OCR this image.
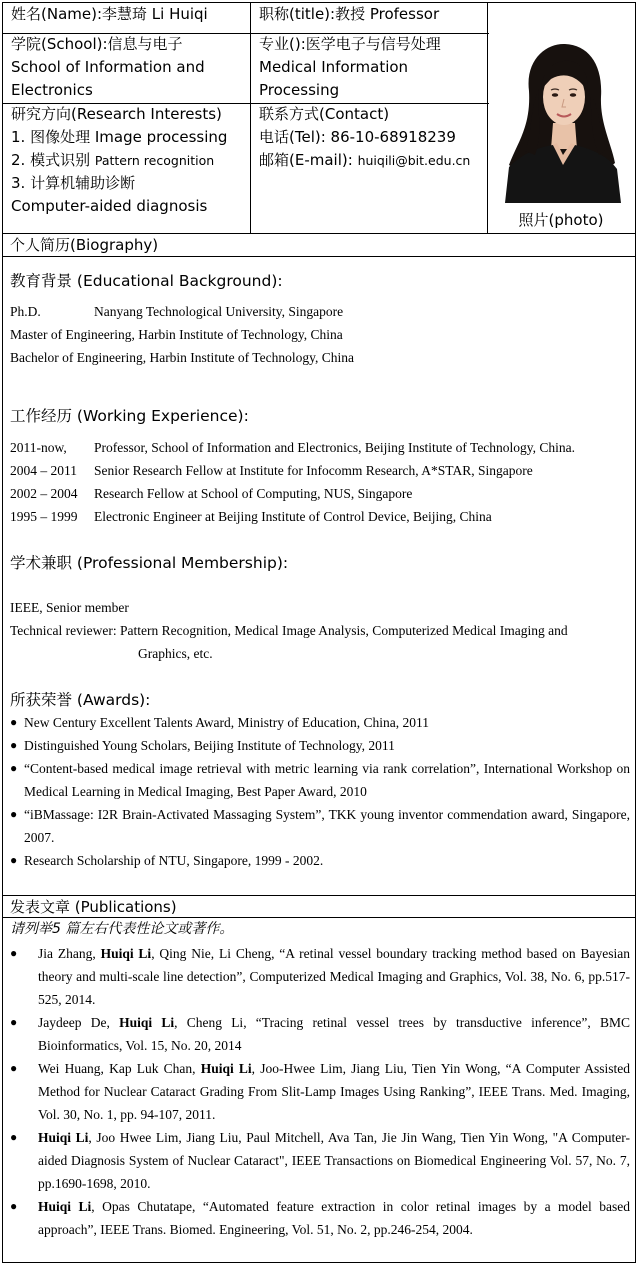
姓名(Name):李慧琦 Li Huiqi	职称(title):教授 Professor
学院(School):信息与电子
School of Information and
Electronics
专业():医学电子与信号处理
Medical Information
Processing
研究方向(Research Interests)
1. 图像处理 Image processing
2. 模式识别 Pattern recognition
3. 计算机辅助诊断
Computer-aided diagnosis
联系方式(Contact)
电话(Tel): 86-10-68918239
邮箱(E-mail): huiqili@bit.edu.cn
照片(photo)
个人简历(Biography)
教育背景 (Educational Background):
Ph.D.	Nanyang Technological University, Singapore
Master of Engineering, Harbin Institute of Technology, China
Bachelor of Engineering, Harbin Institute of Technology, China
工作经历 (Working Experience):
2011-now, Professor, School of Information and Electronics, Beijing Institute of Technology, China.
2004 – 2011 Senior Research Fellow at Institute for Infocomm Research, A*STAR, Singapore
2002 – 2004 Research Fellow at School of Computing, NUS, Singapore
1995 – 1999 Electronic Engineer at Beijing Institute of Control Device, Beijing, China
学术兼职 (Professional Membership):
IEEE, Senior member
Technical reviewer: Pattern Recognition, Medical Image Analysis, Computerized Medical Imaging and
Graphics, etc.
所获荣誉 (Awards):
● New Century Excellent Talents Award, Ministry of Education, China, 2011
● Distinguished Young Scholars, Beijing Institute of Technology, 2011
● “Content-based medical image retrieval with metric learning via rank correlation”, International Workshop on Medical Learning in Medical Imaging, Best Paper Award, 2010
● “iBMassage: I2R Brain-Activated Massaging System”, TKK young inventor commendation award, Singapore, 2007.
● Research Scholarship of NTU, Singapore, 1999 - 2002.
发表文章 (Publications)
请列举5 篇左右代表性论文或著作。
● Jia Zhang, Huiqi Li, Qing Nie, Li Cheng, “A retinal vessel boundary tracking method based on Bayesian theory and multi-scale line detection”, Computerized Medical Imaging and Graphics, Vol. 38, No. 6, pp.517-525, 2014.
● Jaydeep De, Huiqi Li, Cheng Li, “Tracing retinal vessel trees by transductive inference”, BMC Bioinformatics, Vol. 15, No. 20, 2014
● Wei Huang, Kap Luk Chan, Huiqi Li, Joo-Hwee Lim, Jiang Liu, Tien Yin Wong, “A Computer Assisted Method for Nuclear Cataract Grading From Slit-Lamp Images Using Ranking”, IEEE Trans. Med. Imaging, Vol. 30, No. 1, pp. 94-107, 2011.
● Huiqi Li, Joo Hwee Lim, Jiang Liu, Paul Mitchell, Ava Tan, Jie Jin Wang, Tien Yin Wong, "A Computer-aided Diagnosis System of Nuclear Cataract", IEEE Transactions on Biomedical Engineering Vol. 57, No. 7, pp.1690-1698, 2010.
● Huiqi Li, Opas Chutatape, “Automated feature extraction in color retinal images by a model based approach”, IEEE Trans. Biomed. Engineering, Vol. 51, No. 2, pp.246-254, 2004.
